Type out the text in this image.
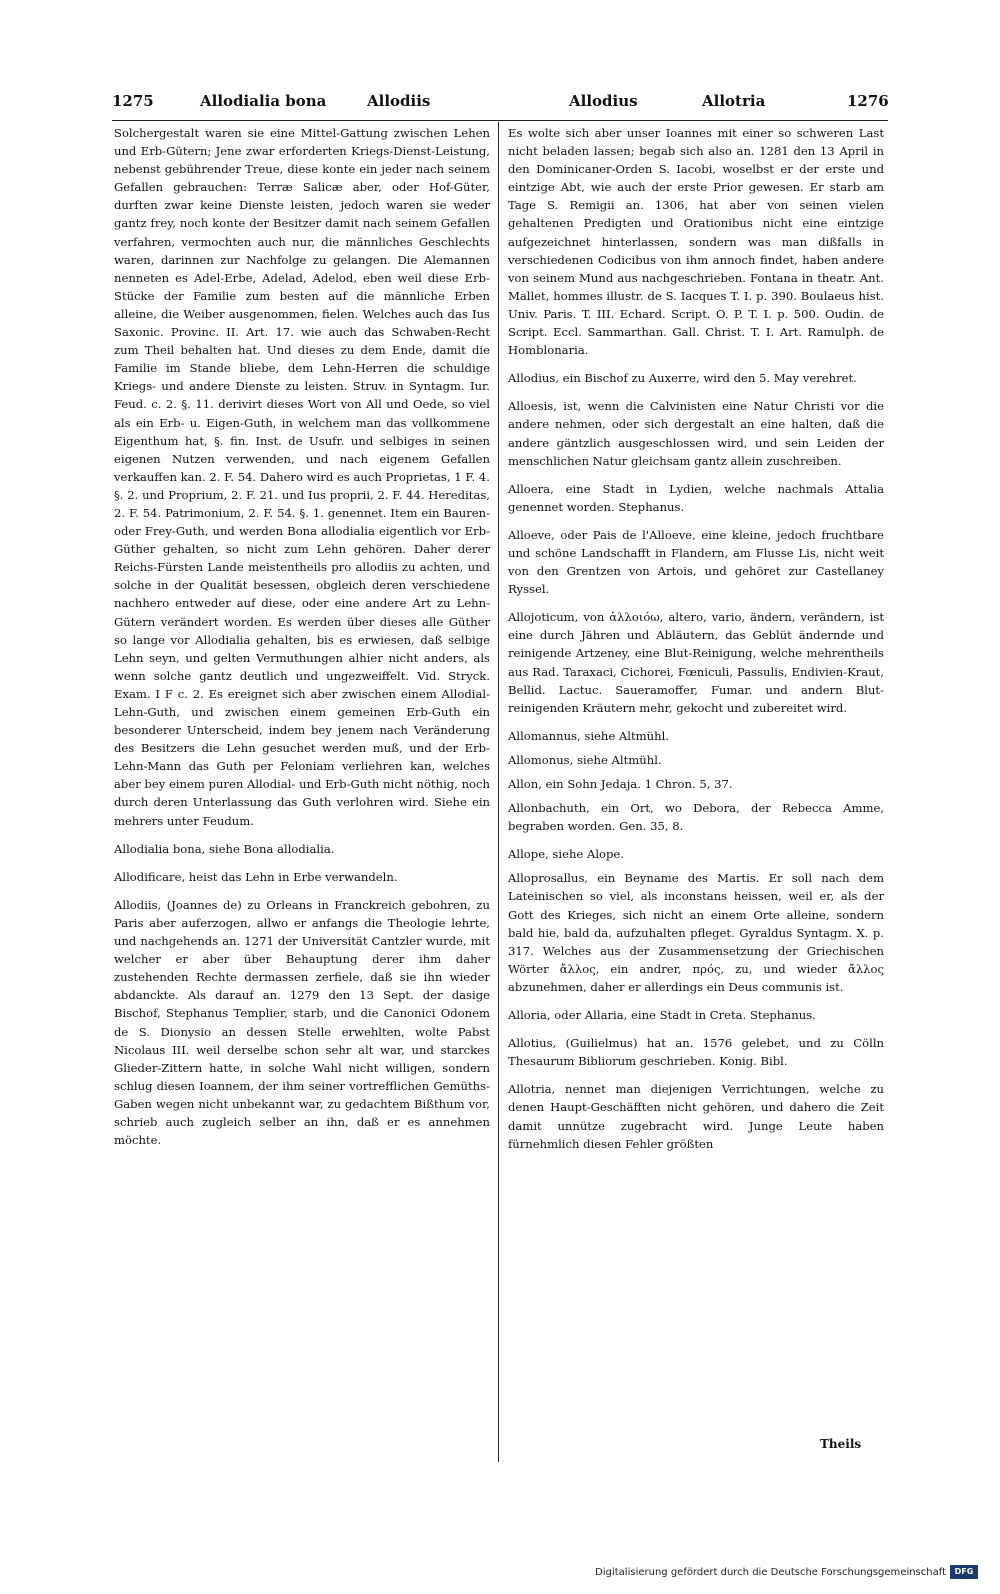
1275	Allodialia bona	Allodiis	Allodius	Allotria	1276

Solchergestalt waren sie eine Mittel-Gattung zwischen Lehen und Erb-Gütern; Jene zwar erforderten Kriegs-Dienst-Leistung, nebenst gebührender Treue, diese konte ein jeder nach seinem Gefallen gebrauchen: Terræ Salicæ aber, oder Hof-Güter, durften zwar keine Dienste leisten, jedoch waren sie weder gantz frey, noch konte der Besitzer damit nach seinem Gefallen verfahren, vermochten auch nur, die männliches Geschlechts waren, darinnen zur Nachfolge zu gelangen. Die Alemannen nenneten es Adel-Erbe, Adelad, Adelod, eben weil diese Erb-Stücke der Familie zum besten auf die männliche Erben alleine, die Weiber ausgenommen, fielen. Welches auch das Ius Saxonic. Provinc. II. Art. 17. wie auch das Schwaben-Recht zum Theil behalten hat. Und dieses zu dem Ende, damit die Familie im Stande bliebe, dem Lehn-Herren die schuldige Kriegs- und andere Dienste zu leisten. Struv. in Syntagm. Iur. Feud. c. 2. §. 11. derivirt dieses Wort von All und Oede, so viel als ein Erb- u. Eigen-Guth, in welchem man das vollkommene Eigenthum hat, §. fin. Inst. de Usufr. und selbiges in seinen eigenen Nutzen verwenden, und nach eigenem Gefallen verkauffen kan. 2. F. 54. Dahero wird es auch Proprietas, 1 F. 4. §. 2. und Proprium, 2. F. 21. und Ius proprii, 2. F. 44. Hereditas, 2. F. 54. Patrimonium, 2. F. 54. §. 1. genennet. Item ein Bauren- oder Frey-Guth, und werden Bona allodialia eigentlich vor Erb-Güther gehalten, so nicht zum Lehn gehören. Daher derer Reichs-Fürsten Lande meistentheils pro allodiis zu achten, und solche in der Qualität besessen, obgleich deren verschiedene nachhero entweder auf diese, oder eine andere Art zu Lehn-Gütern verändert worden. Es werden über dieses alle Güther so lange vor Allodialia gehalten, bis es erwiesen, daß selbige Lehn seyn, und gelten Vermuthungen alhier nicht anders, als wenn solche gantz deutlich und ungezweiffelt. Vid. Stryck. Exam. I F c. 2. Es ereignet sich aber zwischen einem Allodial-Lehn-Guth, und zwischen einem gemeinen Erb-Guth ein besonderer Unterscheid, indem bey jenem nach Veränderung des Besitzers die Lehn gesuchet werden muß, und der Erb-Lehn-Mann das Guth per Feloniam verliehren kan, welches aber bey einem puren Allodial- und Erb-Guth nicht nöthig, noch durch deren Unterlassung das Guth verlohren wird. Siehe ein mehrers unter Feudum.

Allodialia bona, siehe Bona allodialia.

Allodificare, heist das Lehn in Erbe verwandeln.

Allodiis, (Joannes de) zu Orleans in Franckreich gebohren, zu Paris aber auferzogen, allwo er anfangs die Theologie lehrte, und nachgehends an. 1271 der Universität Cantzler wurde, mit welcher er aber über Behauptung derer ihm daher zustehenden Rechte dermassen zerfiele, daß sie ihn wieder abdanckte. Als darauf an. 1279 den 13 Sept. der dasige Bischof, Stephanus Templier, starb, und die Canonici Odonem de S. Dionysio an dessen Stelle erwehlten, wolte Pabst Nicolaus III. weil derselbe schon sehr alt war, und starckes Glieder-Zittern hatte, in solche Wahl nicht willigen, sondern schlug diesen Ioannem, der ihm seiner vortrefflichen Gemüths-Gaben wegen nicht unbekannt war, zu gedachtem Bißthum vor, schrieb auch zugleich selber an ihn, daß er es annehmen möchte.

Es wolte sich aber unser Ioannes mit einer so schweren Last nicht beladen lassen; begab sich also an. 1281 den 13 April in den Dominicaner-Orden S. Iacobi, woselbst er der erste und eintzige Abt, wie auch der erste Prior gewesen. Er starb am Tage S. Remigii an. 1306, hat aber von seinen vielen gehaltenen Predigten und Orationibus nicht eine eintzige aufgezeichnet hinterlassen, sondern was man dißfalls in verschiedenen Codicibus von ihm annoch findet, haben andere von seinem Mund aus nachgeschrieben. Fontana in theatr. Ant. Mallet, hommes illustr. de S. Iacques T. I. p. 390. Boulaeus hist. Univ. Paris. T. III. Echard. Script. O. P. T. I. p. 500. Oudin. de Script. Eccl. Sammarthan. Gall. Christ. T. I. Art. Ramulph. de Homblonaria.

Allodius, ein Bischof zu Auxerre, wird den 5. May verehret.

Alloesis, ist, wenn die Calvinisten eine Natur Christi vor die andere nehmen, oder sich dergestalt an eine halten, daß die andere gäntzlich ausgeschlossen wird, und sein Leiden der menschlichen Natur gleichsam gantz allein zuschreiben.

Alloera, eine Stadt in Lydien, welche nachmals Attalia genennet worden. Stephanus.

Alloeve, oder Pais de l'Alloeve, eine kleine, jedoch fruchtbare und schöne Landschafft in Flandern, am Flusse Lis, nicht weit von den Grentzen von Artois, und gehöret zur Castellaney Ryssel.

Allojoticum, von ἀλλοιόω, altero, vario, ändern, verändern, ist eine durch Jähren und Abläutern, das Geblüt ändernde und reinigende Artzeney, eine Blut-Reinigung, welche mehrentheils aus Rad. Taraxaci, Cichorei, Fœniculi, Passulis, Endivien-Kraut, Bellid. Lactuc. Saueramoffer, Fumar. und andern Blut-reinigenden Kräutern mehr, gekocht und zubereitet wird.

Allomannus, siehe Altmühl.

Allomonus, siehe Altmühl.

Allon, ein Sohn Jedaja. 1 Chron. 5, 37.

Allonbachuth, ein Ort, wo Debora, der Rebecca Amme, begraben worden. Gen. 35, 8.

Allope, siehe Alope.

Alloprosallus, ein Beyname des Martis. Er soll nach dem Lateinischen so viel, als inconstans heissen, weil er, als der Gott des Krieges, sich nicht an einem Orte alleine, sondern bald hie, bald da, aufzuhalten pfleget. Gyraldus Syntagm. X. p. 317. Welches aus der Zusammensetzung der Griechischen Wörter ἄλλος, ein andrer, πρός, zu, und wieder ἄλλος abzunehmen, daher er allerdings ein Deus communis ist.

Alloria, oder Allaria, eine Stadt in Creta. Stephanus.

Allotius, (Guilielmus) hat an. 1576 gelebet, und zu Cölln Thesaurum Bibliorum geschrieben. Konig. Bibl.

Allotria, nennet man diejenigen Verrichtungen, welche zu denen Haupt-Geschäfften nicht gehören, und dahero die Zeit damit unnütze zugebracht wird. Junge Leute haben fürnehmlich diesen Fehler größten

Theils
Digitalisierung gefördert durch die Deutsche Forschungsgemeinschaft	DFG
